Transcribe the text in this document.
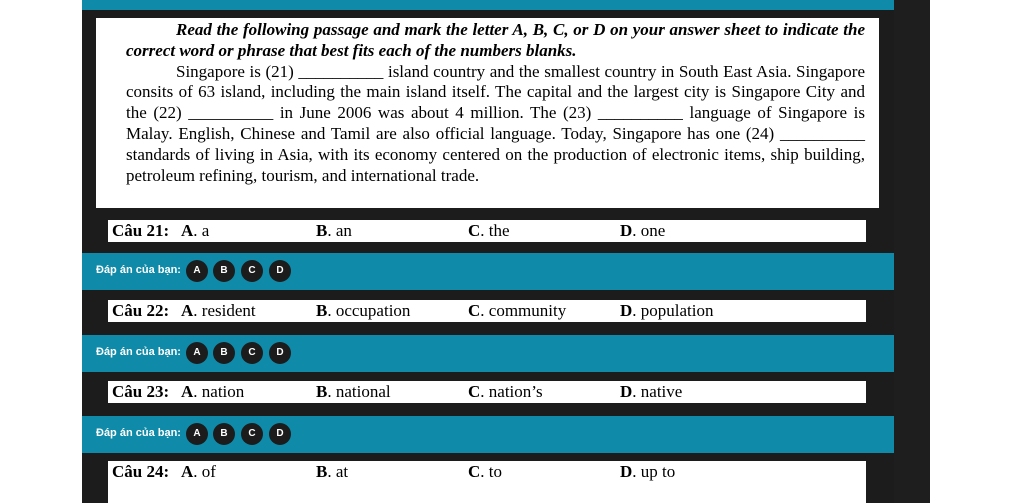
Read the following passage and mark the letter A, B, C, or D on your answer sheet to indicate the correct word or phrase that best fits each of the numbers blanks.

Singapore is (21) __________ island country and the smallest country in South East Asia. Singapore consits of 63 island, including the main island itself. The capital and the largest city is Singapore City and the (22) __________ in June 2006 was about 4 million. The (23) __________ language of Singapore is Malay. English, Chinese and Tamil are also official language. Today, Singapore has one (24) __________ standards of living in Asia, with its economy centered on the production of electronic items, ship building, petroleum refining, tourism, and international trade.

Câu 21: A. a	B. an	C. the	D. one
Đáp án của bạn:	A	B	C	D
Câu 22: A. resident	B. occupation	C. community	D. population
Đáp án của bạn:	A	B	C	D
Câu 23: A. nation	B. national	C. nation’s	D. native
Đáp án của bạn:	A	B	C	D
Câu 24: A. of	B. at	C. to	D. up to
